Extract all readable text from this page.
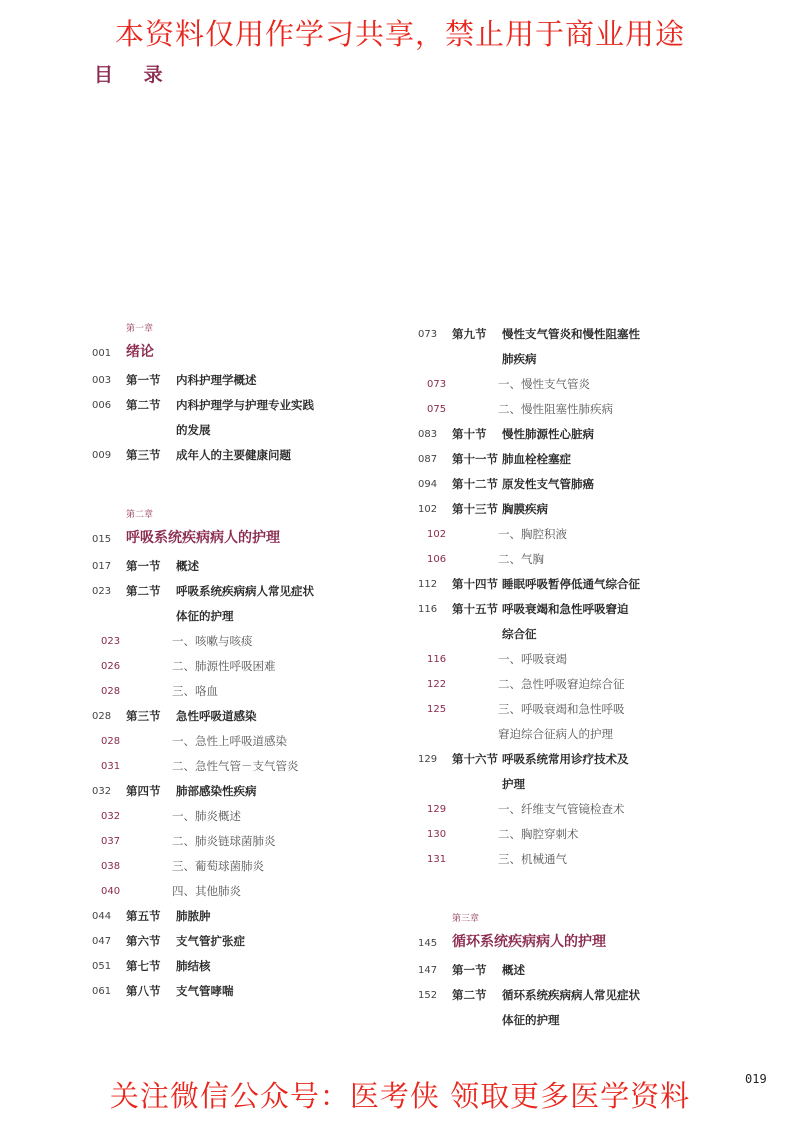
本资料仅用作学习共享，禁止用于商业用途
目 录
第一章
001	绪论
003	第一节	内科护理学概述
006	第二节	内科护理学与护理专业实践
的发展
009	第三节	成年人的主要健康问题
第二章
015	呼吸系统疾病病人的护理
017	第一节	概述
023	第二节	呼吸系统疾病病人常见症状
体征的护理
023	一、咳嗽与咳痰
026	二、肺源性呼吸困难
028	三、咯血
028	第三节	急性呼吸道感染
028	一、急性上呼吸道感染
031	二、急性气管－支气管炎
032	第四节	肺部感染性疾病
032	一、肺炎概述
037	二、肺炎链球菌肺炎
038	三、葡萄球菌肺炎
040	四、其他肺炎
044	第五节	肺脓肿
047	第六节	支气管扩张症
051	第七节	肺结核
061	第八节	支气管哮喘
073	第九节	慢性支气管炎和慢性阻塞性
肺疾病
073	一、慢性支气管炎
075	二、慢性阻塞性肺疾病
083	第十节	慢性肺源性心脏病
087	第十一节 肺血栓栓塞症
094	第十二节 原发性支气管肺癌
102	第十三节 胸膜疾病
102	一、胸腔积液
106	二、气胸
112	第十四节 睡眠呼吸暂停低通气综合征
116	第十五节 呼吸衰竭和急性呼吸窘迫
综合征
116	一、呼吸衰竭
122	二、急性呼吸窘迫综合征
125	三、呼吸衰竭和急性呼吸
窘迫综合征病人的护理
129	第十六节 呼吸系统常用诊疗技术及
护理
129	一、纤维支气管镜检查术
130	二、胸腔穿刺术
131	三、机械通气
第三章
145	循环系统疾病病人的护理
147	第一节	概述
152	第二节	循环系统疾病病人常见症状
体征的护理
019
关注微信公众号：医考侠 领取更多医学资料
